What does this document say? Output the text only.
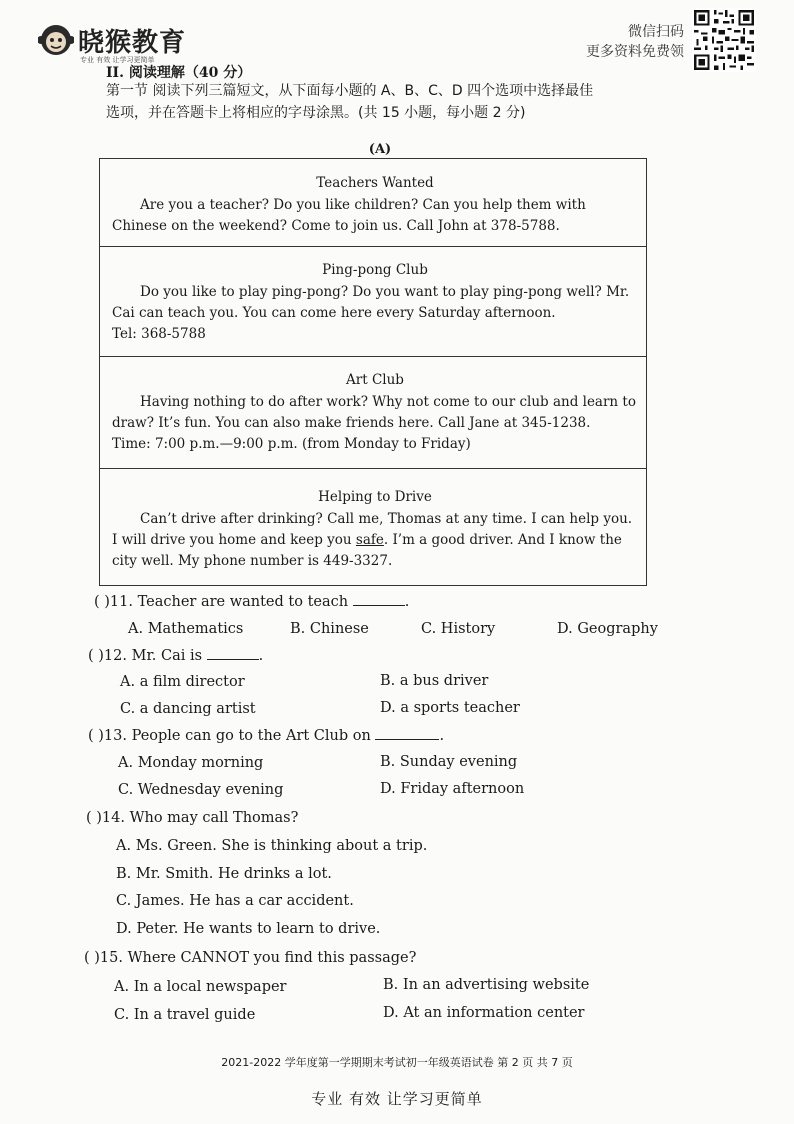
晓猴教育
专业 有效 让学习更简单
微信扫码
更多资料免费领
II. 阅读理解（40 分）
第一节 阅读下列三篇短文，从下面每小题的 A、B、C、D 四个选项中选择最佳
选项，并在答题卡上将相应的字母涂黑。(共 15 小题，每小题 2 分)
(A)
Teachers Wanted
Are you a teacher? Do you like children? Can you help them with
Chinese on the weekend? Come to join us. Call John at 378-5788.
Ping-pong Club
Do you like to play ping-pong? Do you want to play ping-pong well? Mr.
Cai can teach you. You can come here every Saturday afternoon.
Tel: 368-5788
Art Club
Having nothing to do after work? Why not come to our club and learn to
draw? It’s fun. You can also make friends here. Call Jane at 345-1238.
Time: 7:00 p.m.—9:00 p.m. (from Monday to Friday)
Helping to Drive
Can’t drive after drinking? Call me, Thomas at any time. I can help you.
I will drive you home and keep you safe. I’m a good driver. And I know the
city well. My phone number is 449-3327.
( )11. Teacher are wanted to teach	.
A. Mathematics	B. Chinese	C. History	D. Geography
( )12. Mr. Cai is	.
A. a film director	B. a bus driver
C. a dancing artist	D. a sports teacher
( )13. People can go to the Art Club on	.
A. Monday morning	B. Sunday evening
C. Wednesday evening	D. Friday afternoon
( )14. Who may call Thomas?
A. Ms. Green. She is thinking about a trip.
B. Mr. Smith. He drinks a lot.
C. James. He has a car accident.
D. Peter. He wants to learn to drive.
( )15. Where CANNOT you find this passage?
A. In a local newspaper	B. In an advertising website
C. In a travel guide	D. At an information center
2021-2022 学年度第一学期期末考试初一年级英语试卷 第 2 页 共 7 页
专业 有效 让学习更简单
